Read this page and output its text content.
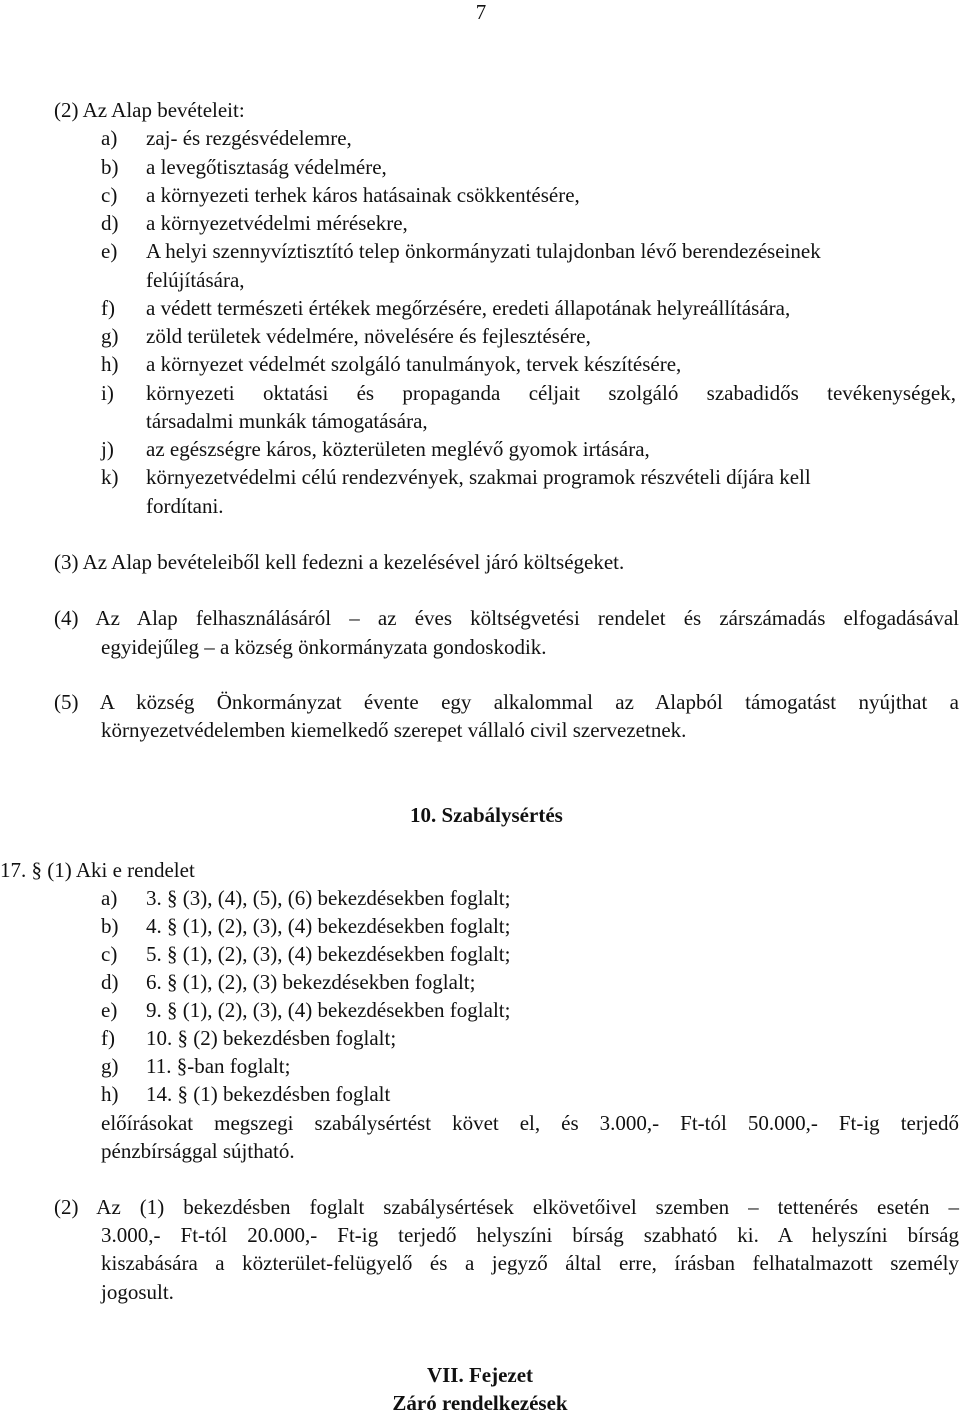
7
(2) Az Alap bevételeit:
a) zaj- és rezgésvédelemre,
b) a levegőtisztaság védelmére,
c) a környezeti terhek káros hatásainak csökkentésére,
d) a környezetvédelmi mérésekre,
e) A helyi szennyvíztisztító telep önkormányzati tulajdonban lévő berendezéseinek
felújítására,
f) a védett természeti értékek megőrzésére, eredeti állapotának helyreállítására,
g) zöld területek védelmére, növelésére és fejlesztésére,
h) a környezet védelmét szolgáló tanulmányok, tervek készítésére,
i) környezeti oktatási és propaganda céljait szolgáló szabadidős tevékenységek,
társadalmi munkák támogatására,
j) az egészségre káros, közterületen meglévő gyomok irtására,
k) környezetvédelmi célú rendezvények, szakmai programok részvételi díjára kell
fordítani.
(3) Az Alap bevételeiből kell fedezni a kezelésével járó költségeket.
(4) Az Alap felhasználásáról – az éves költségvetési rendelet és zárszámadás elfogadásával
egyidejűleg – a község önkormányzata gondoskodik.
(5) A község Önkormányzat évente egy alkalommal az Alapból támogatást nyújthat a
környezetvédelemben kiemelkedő szerepet vállaló civil szervezetnek.
10. Szabálysértés
17. § (1) Aki e rendelet
a) 3. § (3), (4), (5), (6) bekezdésekben foglalt;
b) 4. § (1), (2), (3), (4) bekezdésekben foglalt;
c) 5. § (1), (2), (3), (4) bekezdésekben foglalt;
d) 6. § (1), (2), (3) bekezdésekben foglalt;
e) 9. § (1), (2), (3), (4) bekezdésekben foglalt;
f) 10. § (2) bekezdésben foglalt;
g) 11. §-ban foglalt;
h) 14. § (1) bekezdésben foglalt
előírásokat megszegi szabálysértést követ el, és 3.000,- Ft-tól 50.000,- Ft-ig terjedő
pénzbírsággal sújtható.
(2) Az (1) bekezdésben foglalt szabálysértések elkövetőivel szemben – tettenérés esetén –
3.000,- Ft-tól 20.000,- Ft-ig terjedő helyszíni bírság szabható ki. A helyszíni bírság
kiszabására a közterület-felügyelő és a jegyző által erre, írásban felhatalmazott személy
jogosult.
VII. Fejezet
Záró rendelkezések
